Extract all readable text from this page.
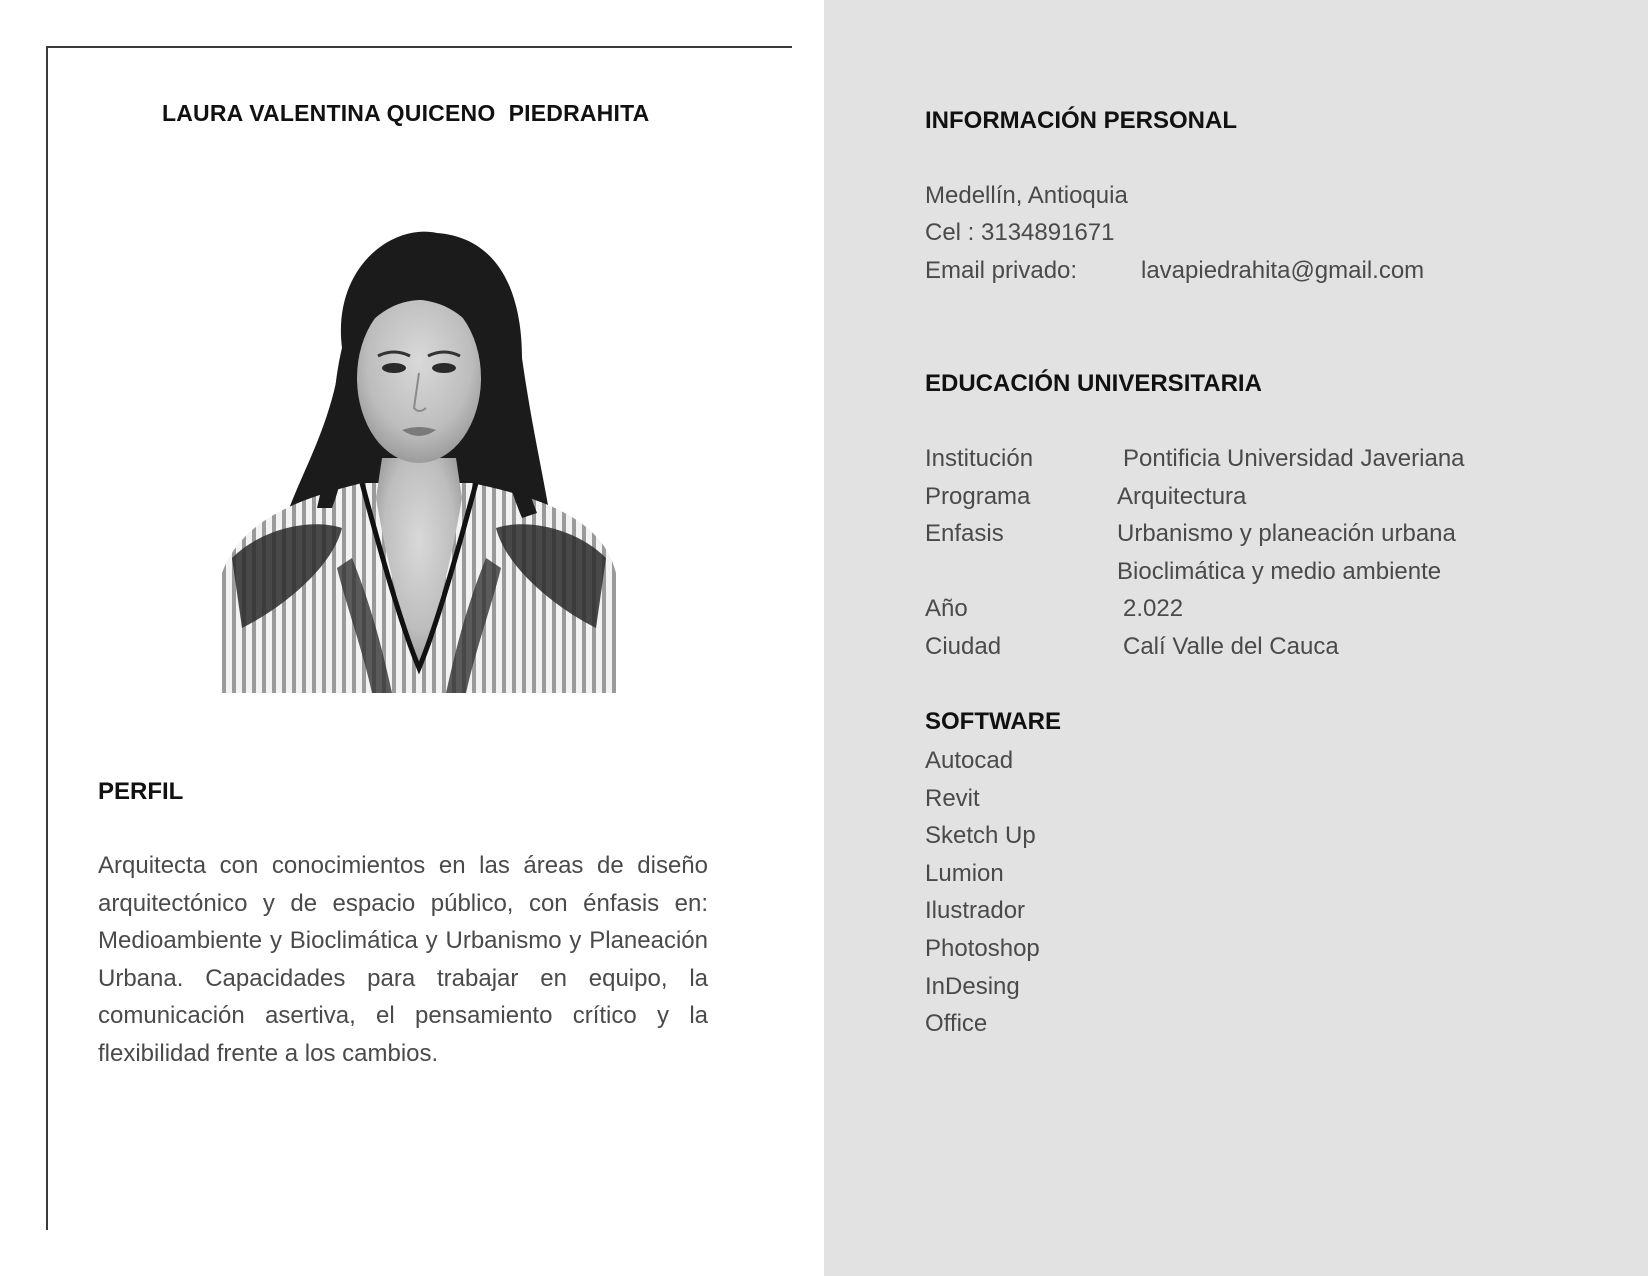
LAURA VALENTINA QUICENO  PIEDRAHITA
PERFIL
Arquitecta con conocimientos en las áreas de diseño arquitectónico y de espacio público, con énfasis en: Medioambiente y Bioclimática y Urbanismo y Planeación Urbana. Capacidades para trabajar en equipo, la comunicación asertiva, el pensamiento crítico y la flexibilidad frente a los cambios.
INFORMACIÓN PERSONAL
Medellín, Antioquia
Cel : 3134891671
Email privado:	lavapiedrahita@gmail.com
EDUCACIÓN UNIVERSITARIA
Institución	Pontificia Universidad Javeriana
Programa	Arquitectura
Enfasis	Urbanismo y planeación urbana
Bioclimática y medio ambiente
Año	2.022
Ciudad	Calí Valle del Cauca
SOFTWARE
Autocad
Revit
Sketch Up
Lumion
Ilustrador
Photoshop
InDesing
Office
